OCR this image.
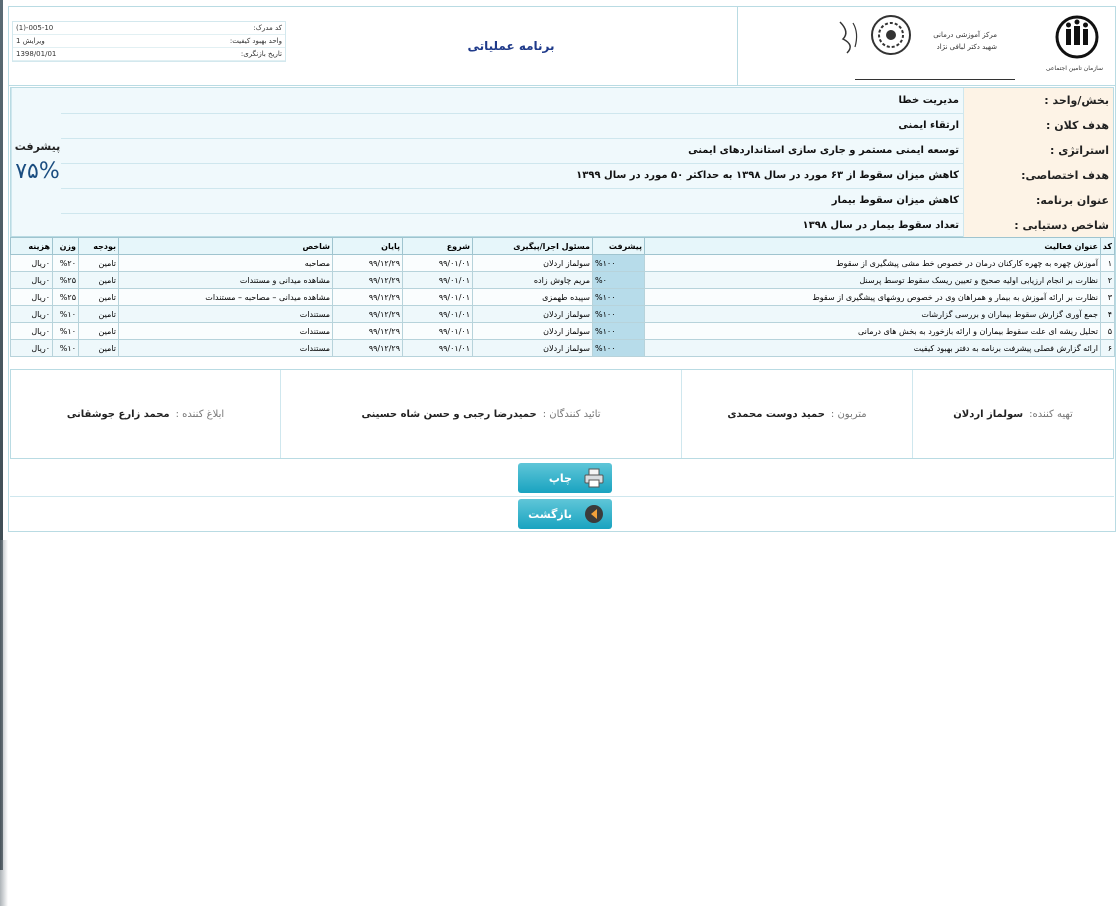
سازمان تامین اجتماعی
مرکز آموزشی درمانی
شهید دکتر لبافی نژاد
برنامه عملیاتی
کد مدرک:
005-10-(1)
واحد بهبود کیفیت:
ویرایش 1
تاریخ بازنگری:
1398/01/01
بخش/واحد :
مدیریت خطا
هدف کلان :
ارتقاء ایمنی
استراتژی :
توسعه ایمنی مستمر و جاری سازی استانداردهای ایمنی
هدف اختصاصی:
کاهش میزان سقوط از ۶۳ مورد در سال ۱۳۹۸ به حداکثر ۵۰ مورد در سال ۱۳۹۹
عنوان برنامه:
کاهش میزان سقوط بیمار
شاخص دستیابی :
تعداد سقوط بیمار در سال ۱۳۹۸
پیشرفت
۷۵%
کد	عنوان فعالیت	پیشرفت	مسئول اجرا/پیگیری	شروع	پایان	شاخص	بودجه	وزن	هزینه
۱	آموزش چهره به چهره کارکنان درمان در خصوص خط مشی پیشگیری از سقوط	%۱۰۰	سولماز اردلان	۹۹/۰۱/۰۱	۹۹/۱۲/۲۹	مصاحبه	تامین	%۲۰	۰ریال
۲	نظارت بر انجام ارزیابی اولیه صحیح و تعیین ریسک سقوط توسط پرسنل	%۰	مریم چاوش زاده	۹۹/۰۱/۰۱	۹۹/۱۲/۲۹	مشاهده میدانی و مستندات	تامین	%۲۵	۰ریال
۳	نظارت بر ارائه آموزش به بیمار و همراهان وی در خصوص روشهای پیشگیری از سقوط	%۱۰۰	سپیده طهمزی	۹۹/۰۱/۰۱	۹۹/۱۲/۲۹	مشاهده میدانی – مصاحبه – مستندات	تامین	%۲۵	۰ریال
۴	جمع آوری گزارش سقوط بیماران و بررسی گزارشات	%۱۰۰	سولماز اردلان	۹۹/۰۱/۰۱	۹۹/۱۲/۲۹	مستندات	تامین	%۱۰	۰ریال
۵	تحلیل ریشه ای علت سقوط بیماران و ارائه بازخورد به بخش های درمانی	%۱۰۰	سولماز اردلان	۹۹/۰۱/۰۱	۹۹/۱۲/۲۹	مستندات	تامین	%۱۰	۰ریال
۶	ارائه گزارش فصلی پیشرفت برنامه به دفتر بهبود کیفیت	%۱۰۰	سولماز اردلان	۹۹/۰۱/۰۱	۹۹/۱۲/۲۹	مستندات	تامین	%۱۰	۰ریال
تهیه کننده:
سولماز اردلان
متربون :
حمید دوست محمدی
تائید کنندگان :
حمیدرضا رجبی و حسن شاه حسینی
ابلاغ کننده :
محمد زارع جوشقانی
چاپ
بازگشت
